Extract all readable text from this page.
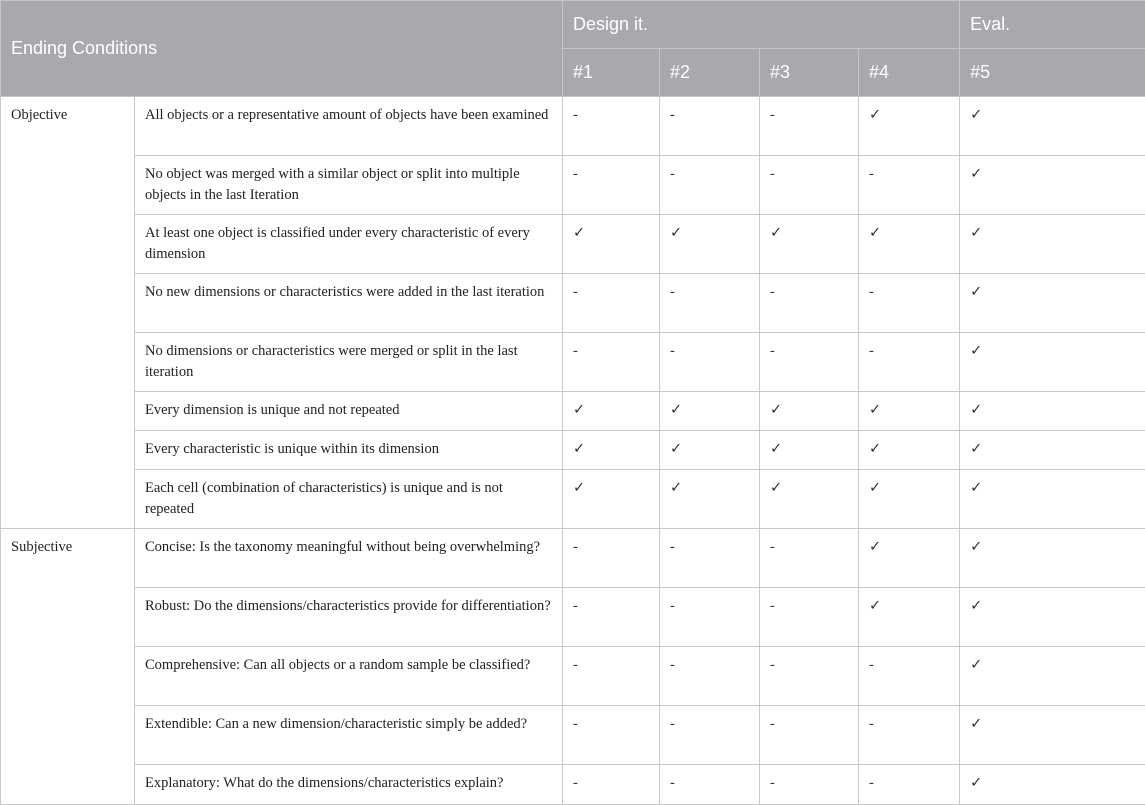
Ending Conditions		Design it.				Eval.
		#1	#2	#3	#4	#5
Objective	All objects or a representative amount of objects have been examined	-	-	-	✓	✓
	No object was merged with a similar object or split into multiple objects in the last Iteration	-	-	-	-	✓
	At least one object is classified under every characteristic of every dimension	✓	✓	✓	✓	✓
	No new dimensions or characteristics were added in the last iteration	-	-	-	-	✓
	No dimensions or characteristics were merged or split in the last iteration	-	-	-	-	✓
	Every dimension is unique and not repeated	✓	✓	✓	✓	✓
	Every characteristic is unique within its dimension	✓	✓	✓	✓	✓
	Each cell (combination of characteristics) is unique and is not repeated	✓	✓	✓	✓	✓
Subjective	Concise: Is the taxonomy meaningful without being overwhelming?	-	-	-	✓	✓
	Robust: Do the dimensions/characteristics provide for differentiation?	-	-	-	✓	✓
	Comprehensive: Can all objects or a random sample be classified?	-	-	-	-	✓
	Extendible: Can a new dimension/characteristic simply be added?	-	-	-	-	✓
	Explanatory: What do the dimensions/characteristics explain?	-	-	-	-	✓
